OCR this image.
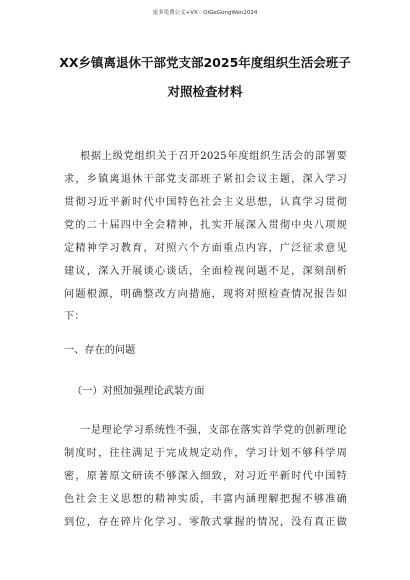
更多免费公文+VX：QiGeGongWen2024
XX乡镇离退休干部党支部2025年度组织生活会班子
对照检查材料
根据上级党组织关于召开2025年度组织生活会的部署要
求，乡镇离退休干部党支部班子紧扣会议主题，深入学习
贯彻习近平新时代中国特色社会主义思想，认真学习贯彻
党的二十届四中全会精神，扎实开展深入贯彻中央八项规
定精神学习教育，对照六个方面重点内容，广泛征求意见
建议，深入开展谈心谈话，全面检视问题不足，深刻剖析
问题根源，明确整改方向措施，现将对照检查情况报告如
下：
一、存在的问题
（一）对照加强理论武装方面
一是理论学习系统性不强，支部在落实首学党的创新理论
制度时，往往满足于完成规定动作，学习计划不够科学周
密，原著原文研读不够深入细致，对习近平新时代中国特
色社会主义思想的精神实质，丰富内涵理解把握不够准确
到位，存在碎片化学习、零散式掌握的情况，没有真正做
